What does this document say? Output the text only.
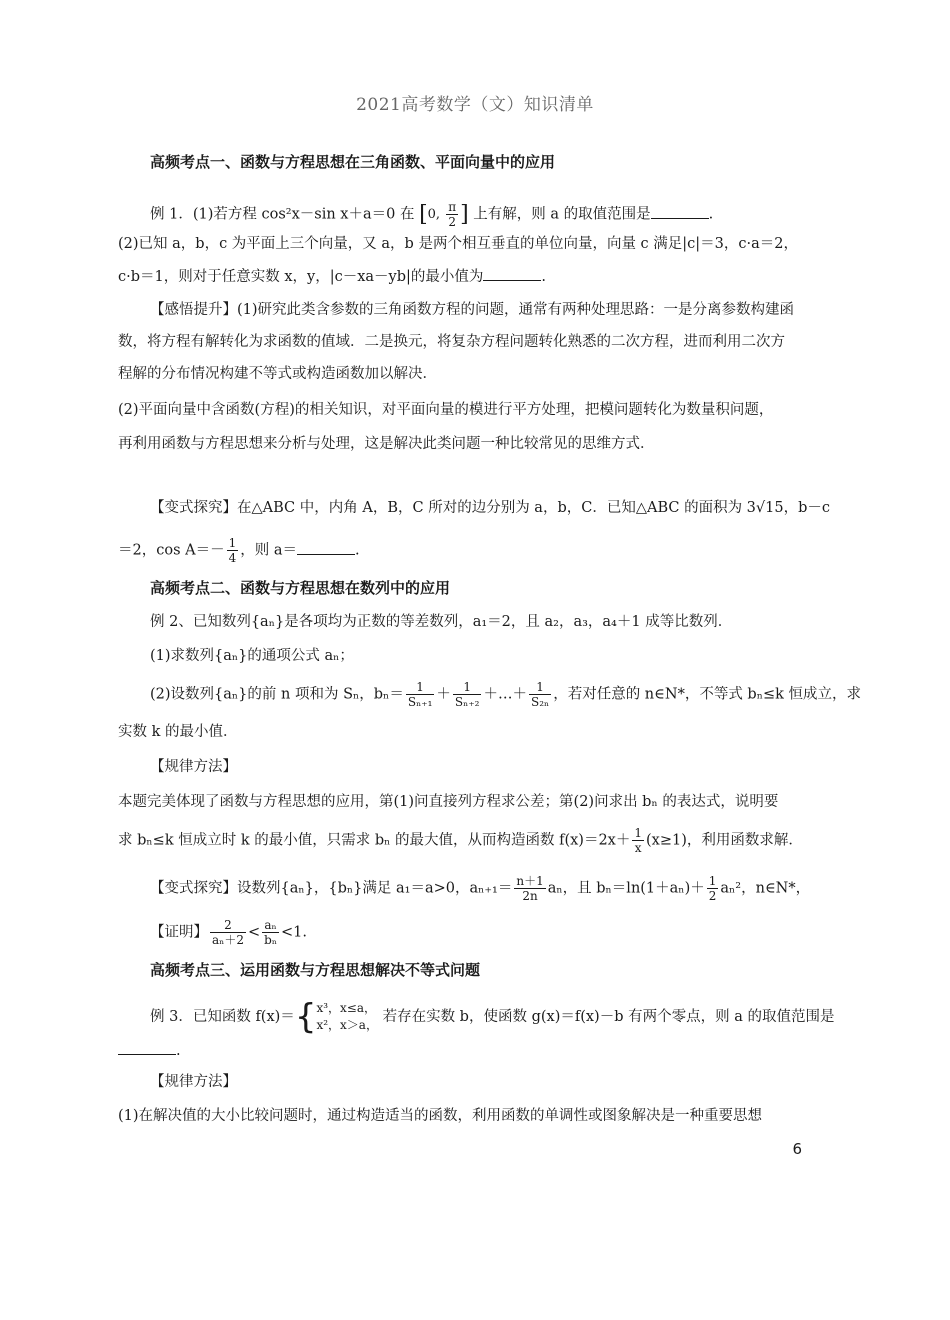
2021高考数学（文）知识清单
高频考点一、函数与方程思想在三角函数、平面向量中的应用
例 1．(1)若方程 cos²x－sin x＋a＝0 在 [0, $\frac{\pi}{2}$ ] 上有解，则 a 的取值范围是	.
(2)已知 a，b，c 为平面上三个向量，又 a，b 是两个相互垂直的单位向量，向量 c 满足|c|＝3，c·a＝2，
c·b＝1，则对于任意实数 x，y，|c－xa－yb|的最小值为	.
【感悟提升】(1)研究此类含参数的三角函数方程的问题，通常有两种处理思路：一是分离参数构建函
数，将方程有解转化为求函数的值域．二是换元，将复杂方程问题转化熟悉的二次方程，进而利用二次方
程解的分布情况构建不等式或构造函数加以解决．
(2)平面向量中含函数(方程)的相关知识，对平面向量的模进行平方处理，把模问题转化为数量积问题，
再利用函数与方程思想来分析与处理，这是解决此类问题一种比较常见的思维方式．
【变式探究】在△ABC 中，内角 A，B，C 所对的边分别为 a，b，C．已知△ABC 的面积为 3√15，b－c
＝2，$\cos A=- \frac{1}{4}$ ，则 a＝	.
高频考点二、函数与方程思想在数列中的应用
例 2、已知数列{aₙ}是各项均为正数的等差数列，a₁＝2，且 a₂，a₃，a₄＋1 成等比数列．
(1)求数列{aₙ}的通项公式 aₙ；
(2)设数列{aₙ}的前 n 项和为 Sₙ，$b_n= \frac{1}{\text{Sₙ₊₁}} + \frac{1}{\text{Sₙ₊₂}}$ ＋…＋ $\frac{1}{\text{S₂ₙ}}$ ，若对任意的 n∈N*，不等式 bₙ≤k 恒成立，求
实数 k 的最小值．
【规律方法】
本题完美体现了函数与方程思想的应用，第(1)问直接列方程求公差；第(2)问求出 bₙ 的表达式，说明要
求 bₙ≤k 恒成立时 k 的最小值，只需求 bₙ 的最大值，从而构造函数 $f(x)=2x+ \frac{1}{x} (x\ge 1)$，利用函数求解．
【变式探究】设数列{aₙ}，{bₙ}满足 a₁＝a>0，$a_{n+1}= \frac{n+1}{2n}$ aₙ，且 $b_n=\ln(1+a_n)+ \frac{1}{2} a_n^2$，n∈N*，
【证明】 $\frac{2}{\text{aₙ＋2}} < \frac{\text{aₙ}}{\text{bₙ}} <1$.
高频考点三、运用函数与方程思想解决不等式问题
例 3．已知函数 f(x)＝{ x³，x≤a，
x²，x＞a， 若存在实数 b，使函数 g(x)＝f(x)－b 有两个零点，则 a 的取值范围是
.
【规律方法】
(1)在解决值的大小比较问题时，通过构造适当的函数，利用函数的单调性或图象解决是一种重要思想
6
